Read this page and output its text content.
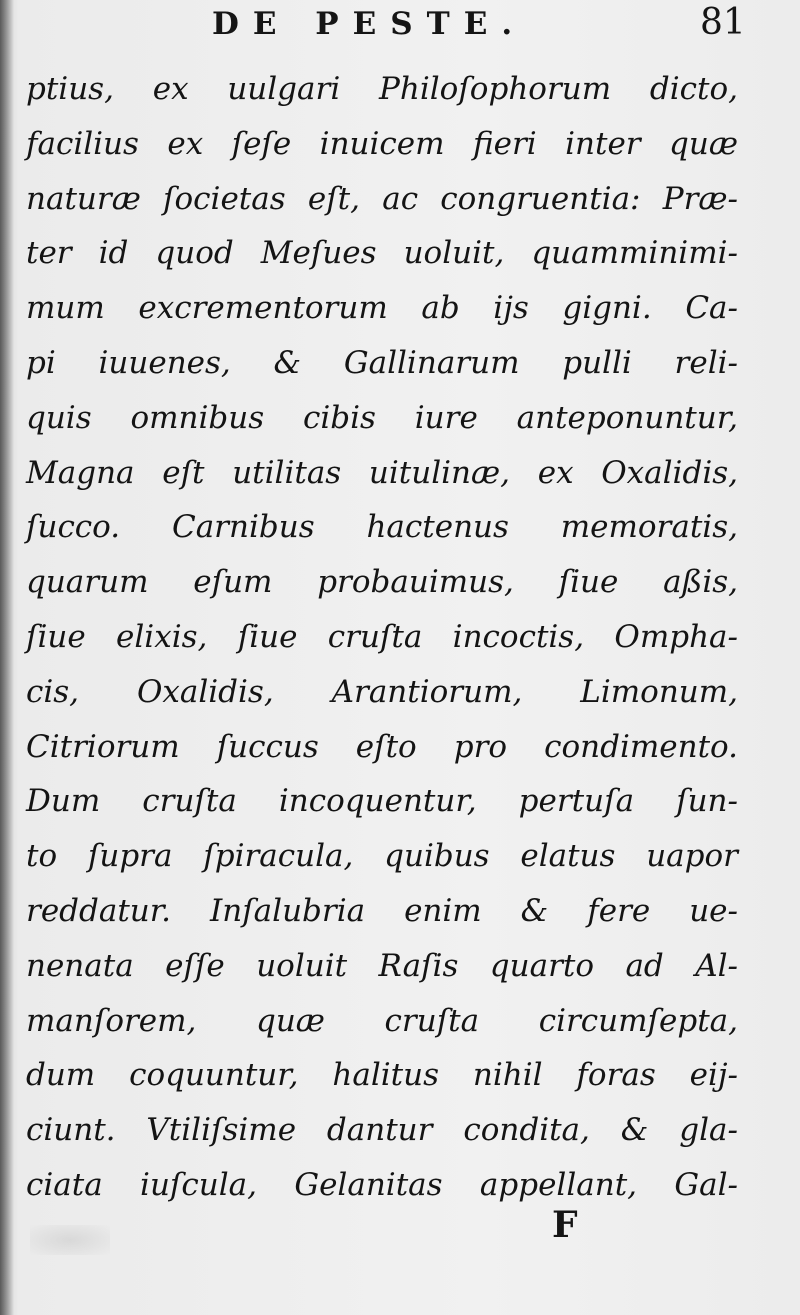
DE PESTE.	81
ptius, ex uulgari Philoſophorum dicto,
facilius ex ſeſe inuicem fieri inter quæ
naturæ ſocietas eſt, ac congruentia: Præ-
ter id quod Meſues uoluit, quamminimi-
mum excrementorum ab ijs gigni. Ca-
pi iuuenes, & Gallinarum pulli reli-
quis omnibus cibis iure anteponuntur,
Magna eſt utilitas uitulinæ, ex Oxalidis,
ſucco. Carnibus hactenus memoratis,
quarum eſum probauimus, ſiue aßis,
ſiue elixis, ſiue cruſta incoctis, Ompha-
cis, Oxalidis, Arantiorum, Limonum,
Citriorum ſuccus eſto pro condimento.
Dum cruſta incoquentur, pertuſa ſun-
to ſupra ſpiracula, quibus elatus uapor
reddatur. Inſalubria enim & fere ue-
nenata eſſe uoluit Raſis quarto ad Al-
manſorem, quæ cruſta circumſepta,
dum coquuntur, halitus nihil foras eij-
ciunt. Vtiliſsime dantur condita, & gla-
ciata iuſcula, Gelanitas appellant, Gal-
F
